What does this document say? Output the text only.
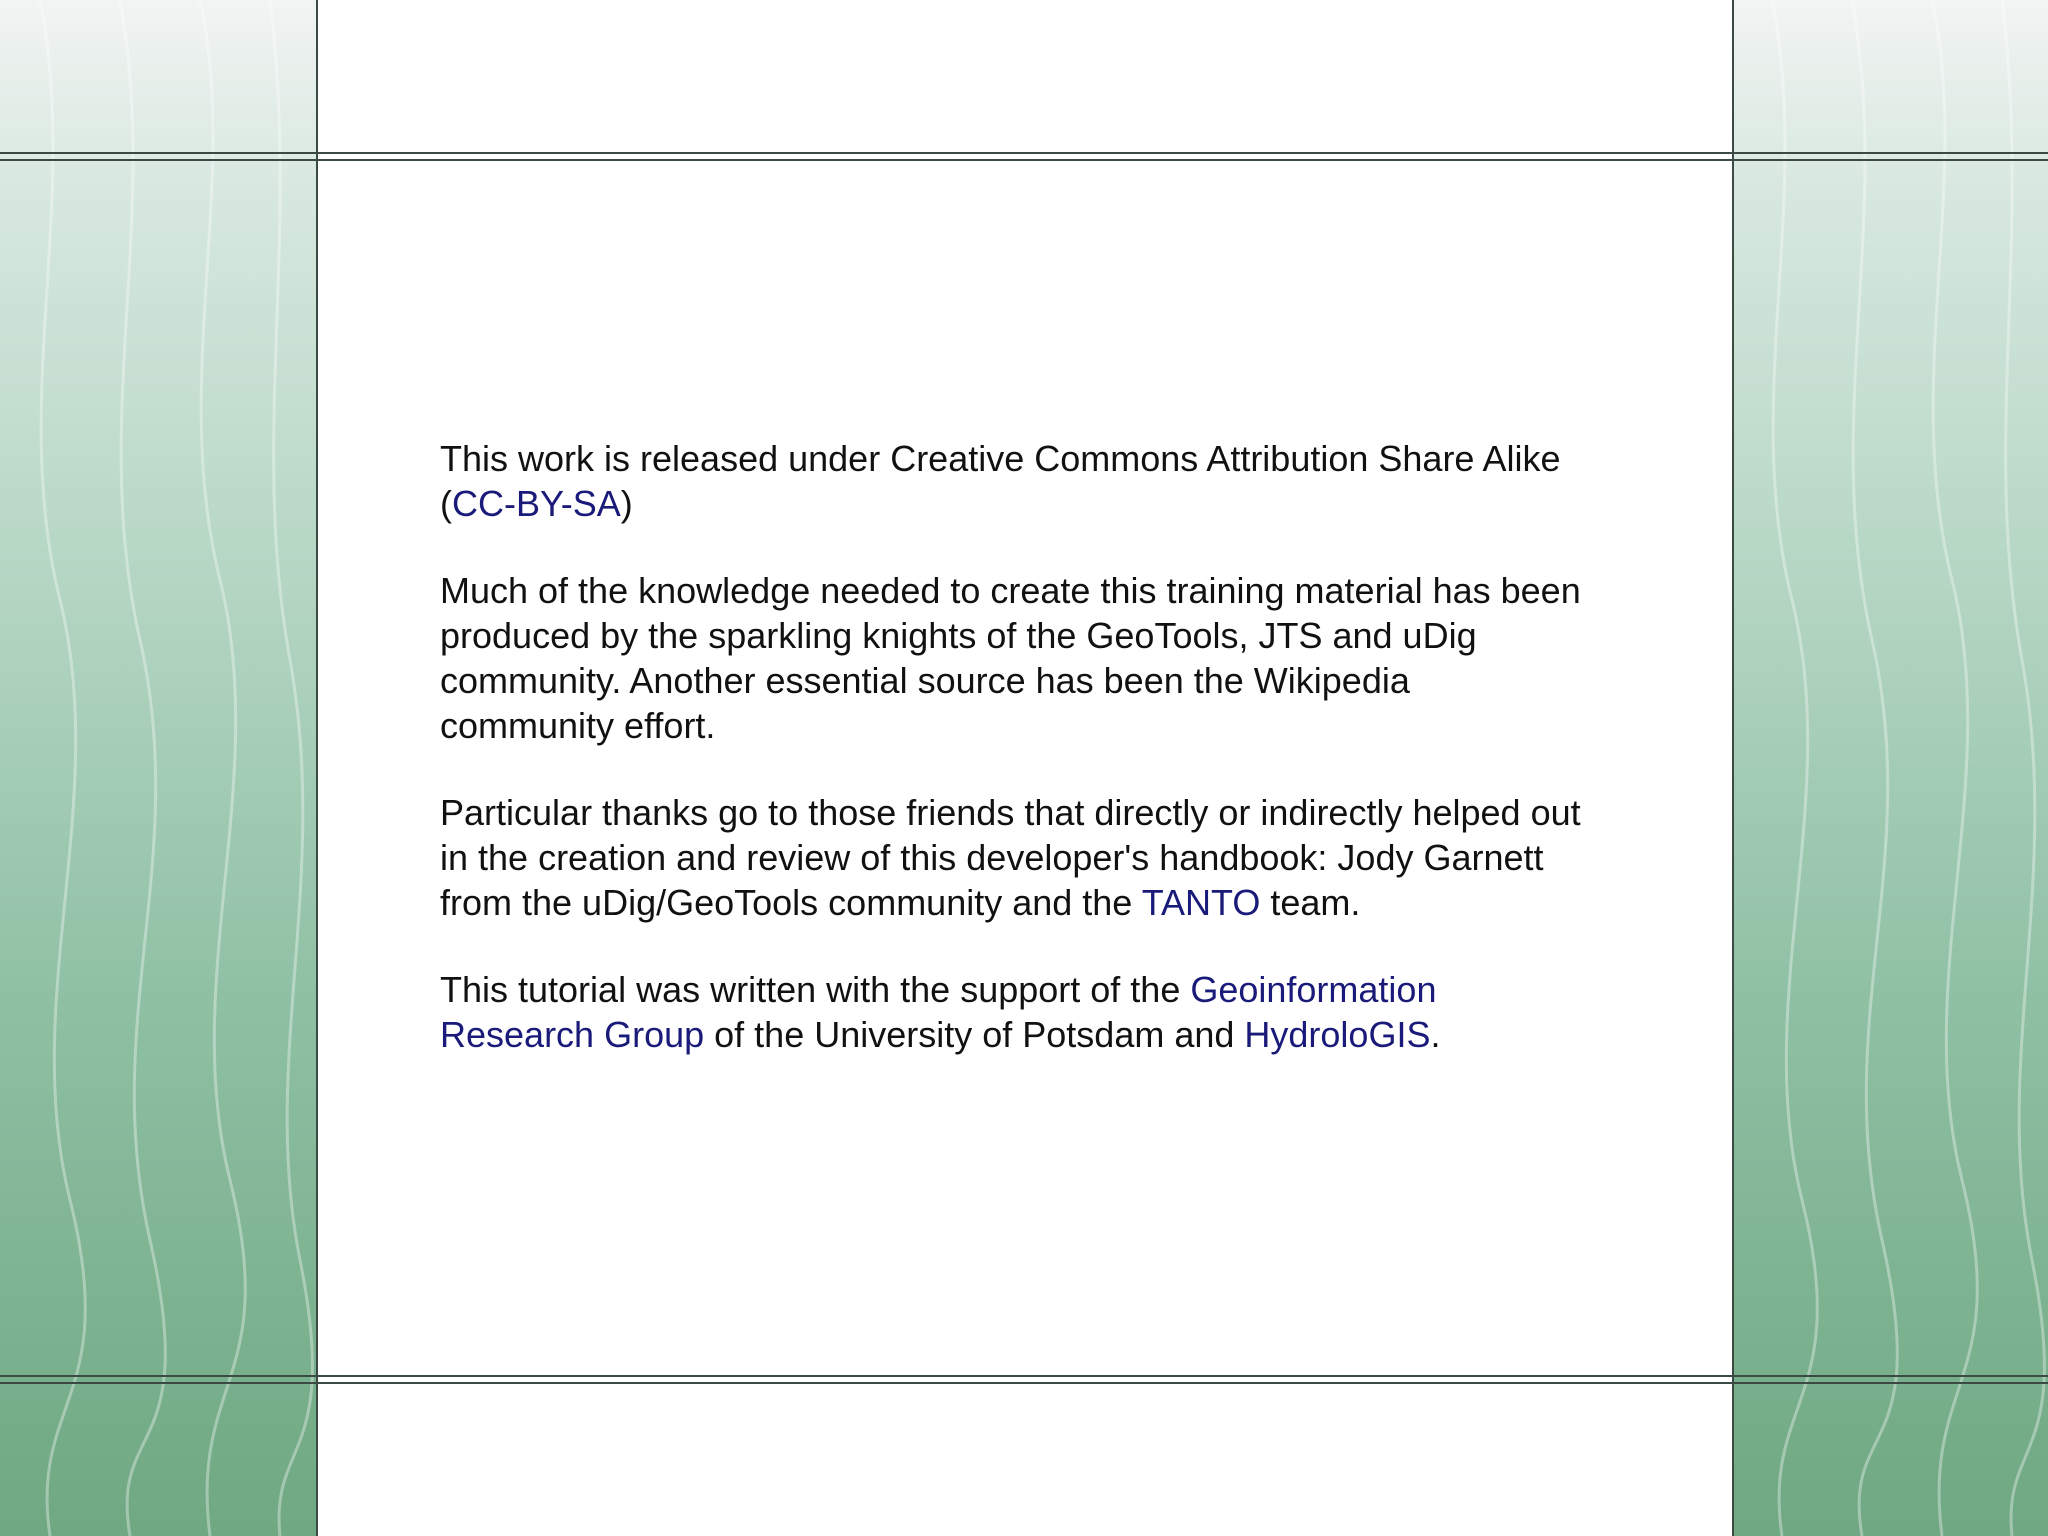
This work is released under Creative Commons Attribution Share Alike (CC-BY-SA)

Much of the knowledge needed to create this training material has been produced by the sparkling knights of the GeoTools, JTS and uDig community. Another essential source has been the Wikipedia community effort.

Particular thanks go to those friends that directly or indirectly helped out in the creation and review of this developer's handbook: Jody Garnett from the uDig/GeoTools community and the TANTO team.

This tutorial was written with the support of the Geoinformation Research Group of the University of Potsdam and HydroloGIS.
